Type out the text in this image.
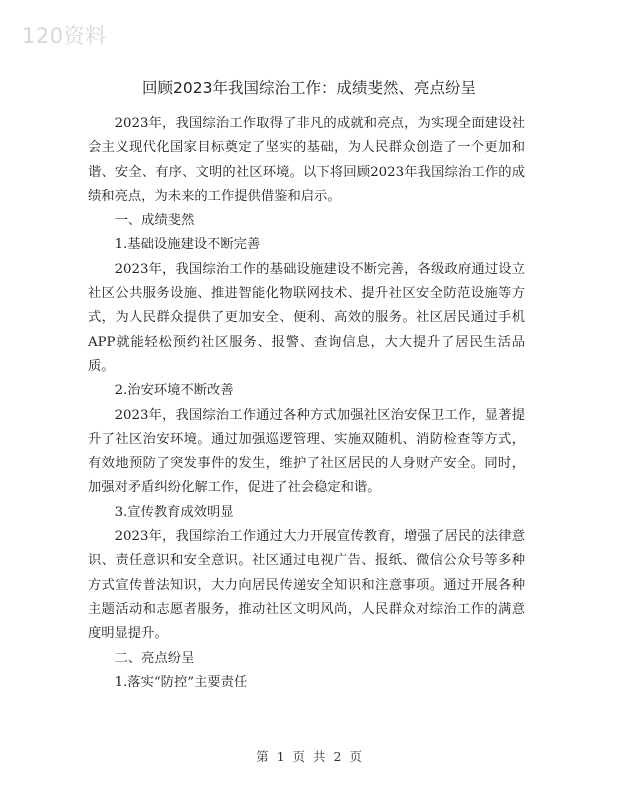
120资料
回顾2023年我国综治工作：成绩斐然、亮点纷呈

2023年，我国综治工作取得了非凡的成就和亮点，为实现全面建设社会主义现代化国家目标奠定了坚实的基础，为人民群众创造了一个更加和谐、安全、有序、文明的社区环境。以下将回顾2023年我国综治工作的成绩和亮点，为未来的工作提供借鉴和启示。

一、成绩斐然

1.基础设施建设不断完善

2023年，我国综治工作的基础设施建设不断完善，各级政府通过设立社区公共服务设施、推进智能化物联网技术、提升社区安全防范设施等方式，为人民群众提供了更加安全、便利、高效的服务。社区居民通过手机APP就能轻松预约社区服务、报警、查询信息，大大提升了居民生活品质。

2.治安环境不断改善

2023年，我国综治工作通过各种方式加强社区治安保卫工作，显著提升了社区治安环境。通过加强巡逻管理、实施双随机、消防检查等方式，有效地预防了突发事件的发生，维护了社区居民的人身财产安全。同时，加强对矛盾纠纷化解工作，促进了社会稳定和谐。

3.宣传教育成效明显

2023年，我国综治工作通过大力开展宣传教育，增强了居民的法律意识、责任意识和安全意识。社区通过电视广告、报纸、微信公众号等多种方式宣传普法知识，大力向居民传递安全知识和注意事项。通过开展各种主题活动和志愿者服务，推动社区文明风尚，人民群众对综治工作的满意度明显提升。

二、亮点纷呈

1.落实“防控”主要责任

第 1 页 共 2 页
